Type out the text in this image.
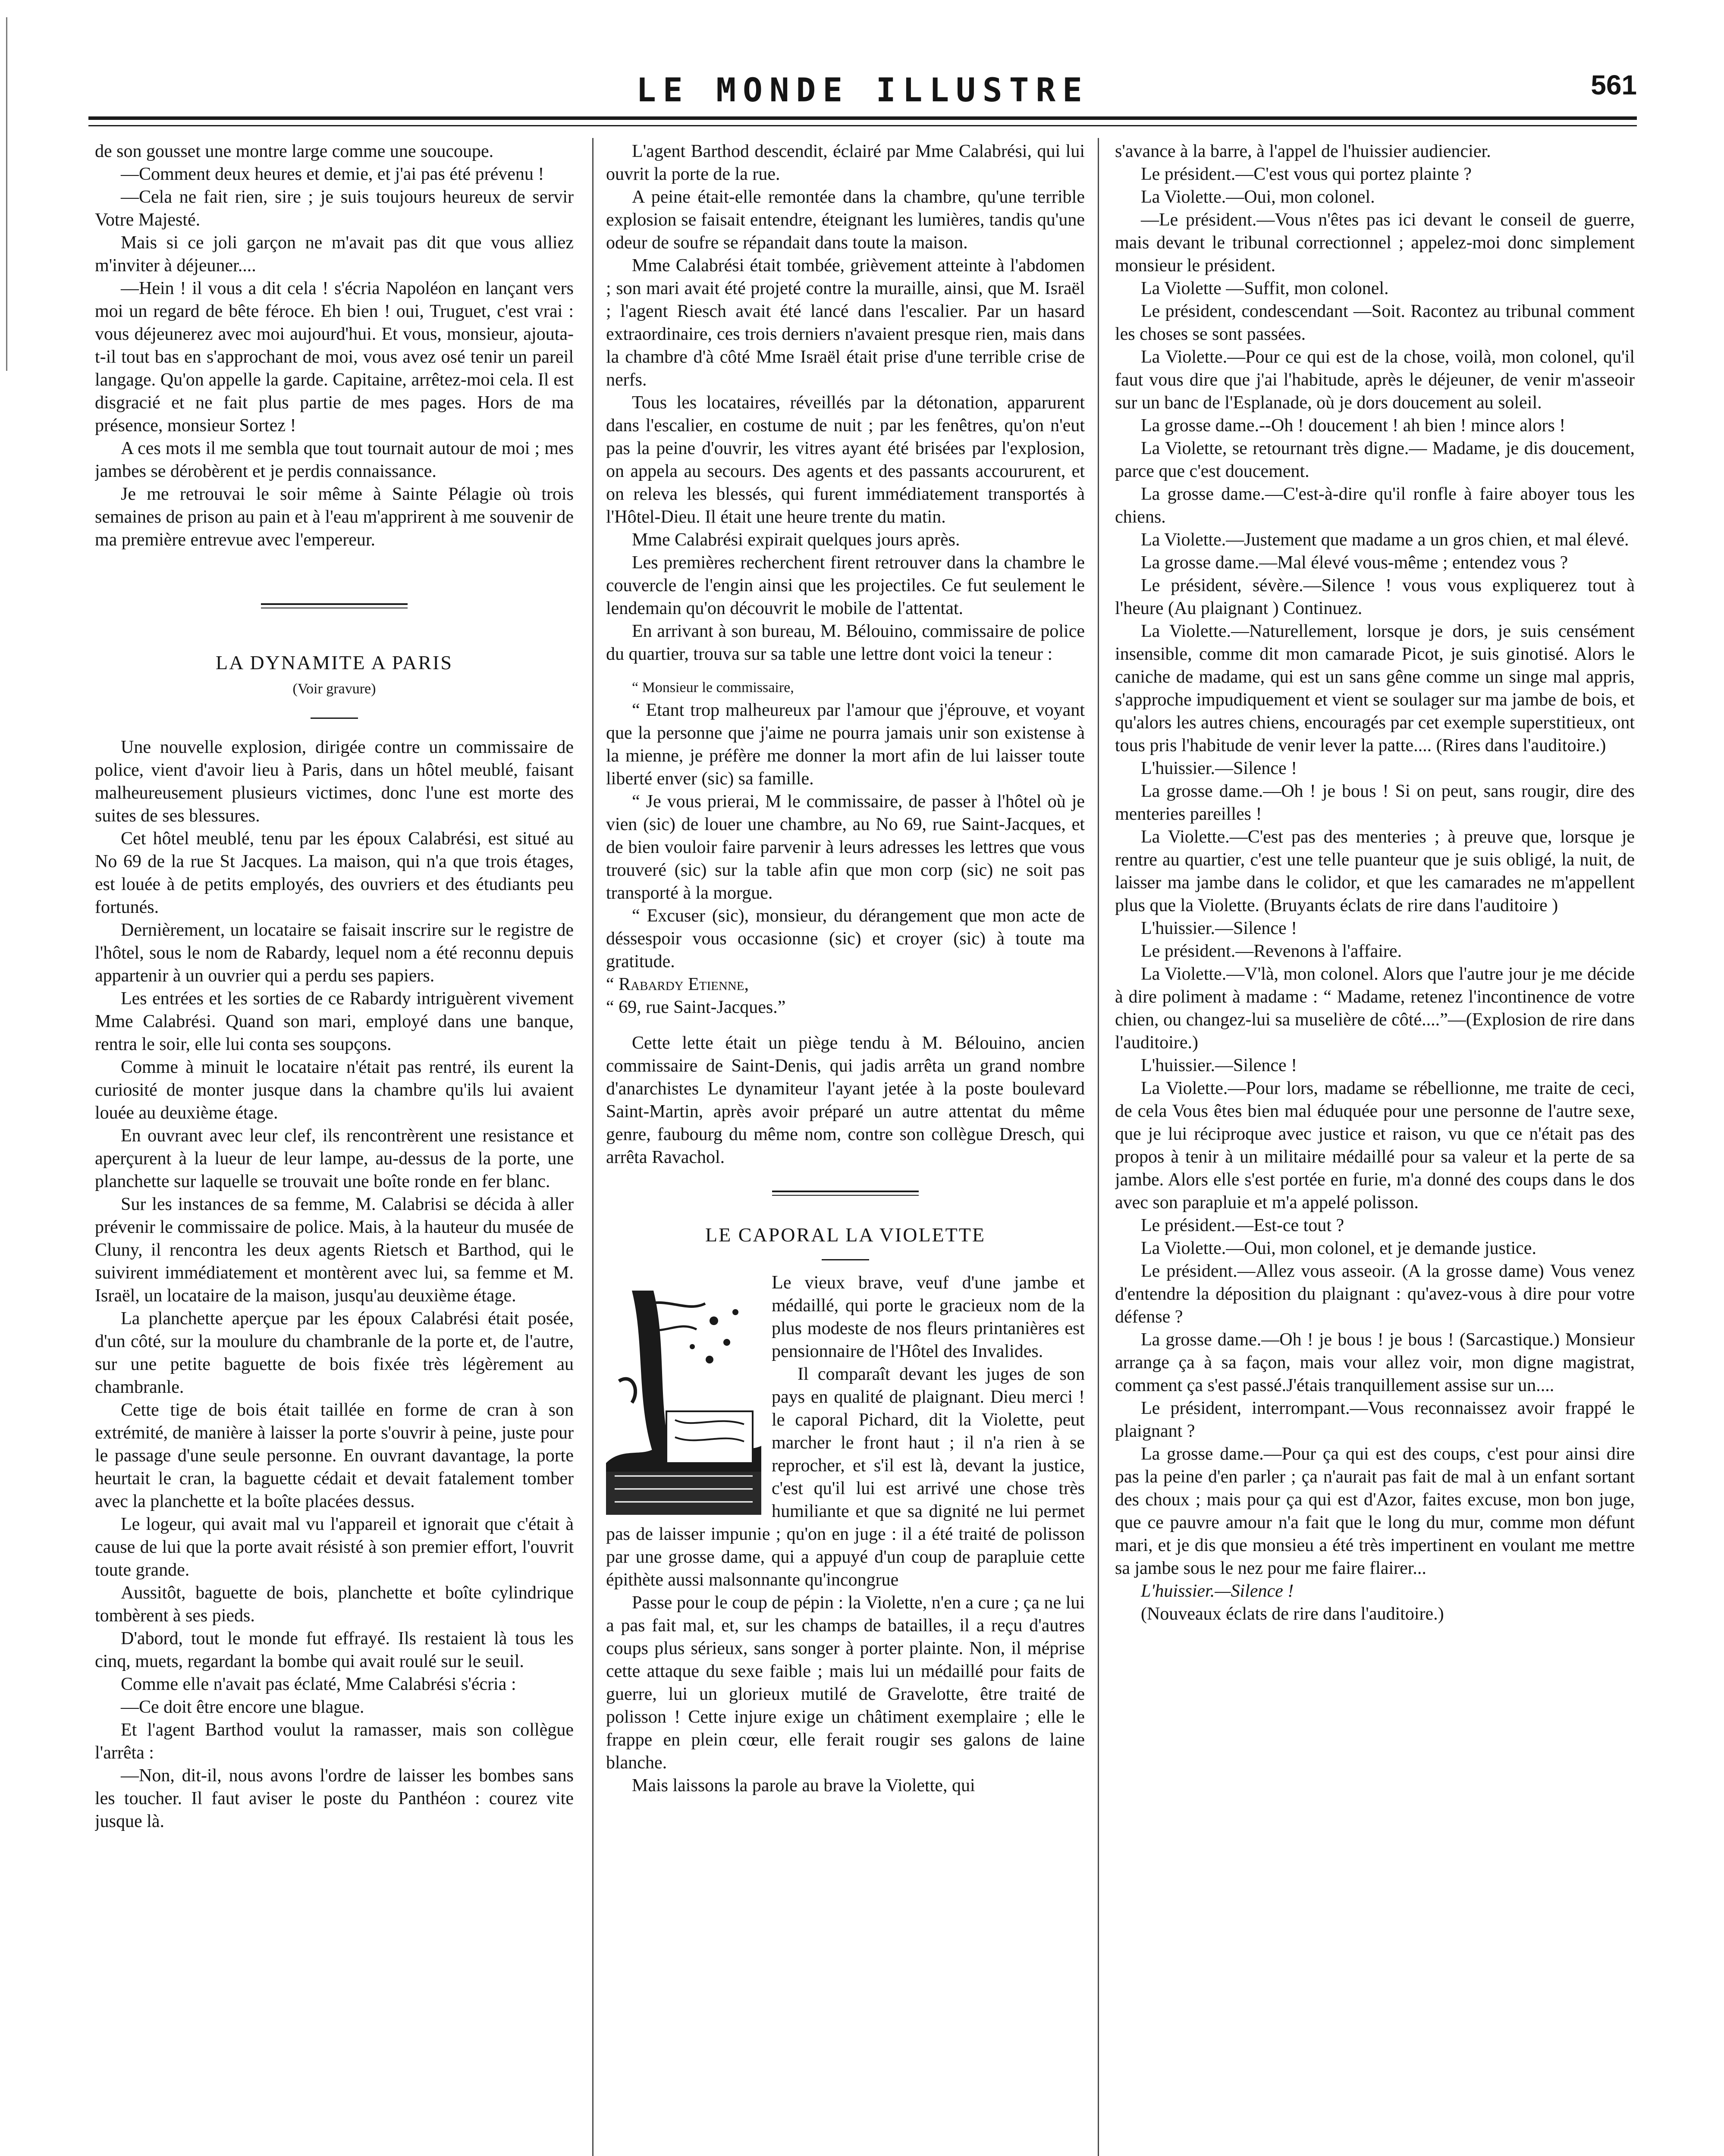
LE MONDE ILLUSTRE	561

de son gousset une montre large comme une soucoupe.

—Comment deux heures et demie, et j'ai pas été prévenu !

—Cela ne fait rien, sire ; je suis toujours heureux de servir Votre Majesté.

Mais si ce joli garçon ne m'avait pas dit que vous alliez m'inviter à déjeuner....

—Hein ! il vous a dit cela ! s'écria Napoléon en lançant vers moi un regard de bête féroce. Eh bien ! oui, Truguet, c'est vrai : vous déjeunerez avec moi aujourd'hui. Et vous, monsieur, ajouta-t-il tout bas en s'approchant de moi, vous avez osé tenir un pareil langage. Qu'on appelle la garde. Capitaine, arrêtez-moi cela. Il est disgracié et ne fait plus partie de mes pages. Hors de ma présence, monsieur Sortez !

A ces mots il me sembla que tout tournait autour de moi ; mes jambes se dérobèrent et je perdis connaissance.

Je me retrouvai le soir même à Sainte Pélagie où trois semaines de prison au pain et à l'eau m'apprirent à me souvenir de ma première entrevue avec l'empereur.

LA DYNAMITE A PARIS
(Voir gravure)

Une nouvelle explosion, dirigée contre un commissaire de police, vient d'avoir lieu à Paris, dans un hôtel meublé, faisant malheureusement plusieurs victimes, donc l'une est morte des suites de ses blessures.

Cet hôtel meublé, tenu par les époux Calabrési, est situé au No 69 de la rue St Jacques. La maison, qui n'a que trois étages, est louée à de petits employés, des ouvriers et des étudiants peu fortunés.

Dernièrement, un locataire se faisait inscrire sur le registre de l'hôtel, sous le nom de Rabardy, lequel nom a été reconnu depuis appartenir à un ouvrier qui a perdu ses papiers.

Les entrées et les sorties de ce Rabardy intriguèrent vivement Mme Calabrési. Quand son mari, employé dans une banque, rentra le soir, elle lui conta ses soupçons.

Comme à minuit le locataire n'était pas rentré, ils eurent la curiosité de monter jusque dans la chambre qu'ils lui avaient louée au deuxième étage.

En ouvrant avec leur clef, ils rencontrèrent une resistance et aperçurent à la lueur de leur lampe, au-dessus de la porte, une planchette sur laquelle se trouvait une boîte ronde en fer blanc.

Sur les instances de sa femme, M. Calabrisi se décida à aller prévenir le commissaire de police. Mais, à la hauteur du musée de Cluny, il rencontra les deux agents Rietsch et Barthod, qui le suivirent immédiatement et montèrent avec lui, sa femme et M. Israël, un locataire de la maison, jusqu'au deuxième étage.

La planchette aperçue par les époux Calabrési était posée, d'un côté, sur la moulure du chambranle de la porte et, de l'autre, sur une petite baguette de bois fixée très légèrement au chambranle.

Cette tige de bois était taillée en forme de cran à son extrémité, de manière à laisser la porte s'ouvrir à peine, juste pour le passage d'une seule personne. En ouvrant davantage, la porte heurtait le cran, la baguette cédait et devait fatalement tomber avec la planchette et la boîte placées dessus.

Le logeur, qui avait mal vu l'appareil et ignorait que c'était à cause de lui que la porte avait résisté à son premier effort, l'ouvrit toute grande.

Aussitôt, baguette de bois, planchette et boîte cylindrique tombèrent à ses pieds.

D'abord, tout le monde fut effrayé. Ils restaient là tous les cinq, muets, regardant la bombe qui avait roulé sur le seuil.

Comme elle n'avait pas éclaté, Mme Calabrési s'écria :

—Ce doit être encore une blague.

Et l'agent Barthod voulut la ramasser, mais son collègue l'arrêta :

—Non, dit-il, nous avons l'ordre de laisser les bombes sans les toucher. Il faut aviser le poste du Panthéon : courez vite jusque là.

L'agent Barthod descendit, éclairé par Mme Calabrési, qui lui ouvrit la porte de la rue.

A peine était-elle remontée dans la chambre, qu'une terrible explosion se faisait entendre, éteignant les lumières, tandis qu'une odeur de soufre se répandait dans toute la maison.

Mme Calabrési était tombée, grièvement atteinte à l'abdomen ; son mari avait été projeté contre la muraille, ainsi, que M. Israël ; l'agent Riesch avait été lancé dans l'escalier. Par un hasard extraordinaire, ces trois derniers n'avaient presque rien, mais dans la chambre d'à côté Mme Israël était prise d'une terrible crise de nerfs.

Tous les locataires, réveillés par la détonation, apparurent dans l'escalier, en costume de nuit ; par les fenêtres, qu'on n'eut pas la peine d'ouvrir, les vitres ayant été brisées par l'explosion, on appela au secours. Des agents et des passants accoururent, et on releva les blessés, qui furent immédiatement transportés à l'Hôtel-Dieu. Il était une heure trente du matin.

Mme Calabrési expirait quelques jours après.

Les premières recherchent firent retrouver dans la chambre le couvercle de l'engin ainsi que les projectiles. Ce fut seulement le lendemain qu'on découvrit le mobile de l'attentat.

En arrivant à son bureau, M. Bélouino, commissaire de police du quartier, trouva sur sa table une lettre dont voici la teneur :

“ Monsieur le commissaire,

“ Etant trop malheureux par l'amour que j'éprouve, et voyant que la personne que j'aime ne pourra jamais unir son existense à la mienne, je préfère me donner la mort afin de lui laisser toute liberté enver (sic) sa famille.

“ Je vous prierai, M le commissaire, de passer à l'hôtel où je vien (sic) de louer une chambre, au No 69, rue Saint-Jacques, et de bien vouloir faire parvenir à leurs adresses les lettres que vous trouveré (sic) sur la table afin que mon corp (sic) ne soit pas transporté à la morgue.

“ Excuser (sic), monsieur, du dérangement que mon acte de déssespoir vous occasionne (sic) et croyer (sic) à toute ma gratitude.

“ Rabardy Etienne,

“ 69, rue Saint-Jacques.”

Cette lette était un piège tendu à M. Bélouino, ancien commissaire de Saint-Denis, qui jadis arrêta un grand nombre d'anarchistes Le dynamiteur l'ayant jetée à la poste boulevard Saint-Martin, après avoir préparé un autre attentat du même genre, faubourg du même nom, contre son collègue Dresch, qui arrêta Ravachol.

LE CAPORAL LA VIOLETTE

Le vieux brave, veuf d'une jambe et médaillé, qui porte le gracieux nom de la plus modeste de nos fleurs printanières est pensionnaire de l'Hôtel des Invalides.

Il comparaît devant les juges de son pays en qualité de plaignant. Dieu merci ! le caporal Pichard, dit la Violette, peut marcher le front haut ; il n'a rien à se reprocher, et s'il est là, devant la justice, c'est qu'il lui est arrivé une chose très humiliante et que sa dignité ne lui permet pas de laisser impunie ; qu'on en juge : il a été traité de polisson par une grosse dame, qui a appuyé d'un coup de parapluie cette épithète aussi malsonnante qu'incongrue

Passe pour le coup de pépin : la Violette, n'en a cure ; ça ne lui a pas fait mal, et, sur les champs de batailles, il a reçu d'autres coups plus sérieux, sans songer à porter plainte. Non, il méprise cette attaque du sexe faible ; mais lui un médaillé pour faits de guerre, lui un glorieux mutilé de Gravelotte, être traité de polisson ! Cette injure exige un châtiment exemplaire ; elle le frappe en plein cœur, elle ferait rougir ses galons de laine blanche.

Mais laissons la parole au brave la Violette, qui

s'avance à la barre, à l'appel de l'huissier audiencier.

Le président.—C'est vous qui portez plainte ?

La Violette.—Oui, mon colonel.

—Le président.—Vous n'êtes pas ici devant le conseil de guerre, mais devant le tribunal correctionnel ; appelez-moi donc simplement monsieur le président.

La Violette —Suffit, mon colonel.

Le président, condescendant —Soit. Racontez au tribunal comment les choses se sont passées.

La Violette.—Pour ce qui est de la chose, voilà, mon colonel, qu'il faut vous dire que j'ai l'habitude, après le déjeuner, de venir m'asseoir sur un banc de l'Esplanade, où je dors doucement au soleil.

La grosse dame.--Oh ! doucement ! ah bien ! mince alors !

La Violette, se retournant très digne.— Madame, je dis doucement, parce que c'est doucement.

La grosse dame.—C'est-à-dire qu'il ronfle à faire aboyer tous les chiens.

La Violette.—Justement que madame a un gros chien, et mal élevé.

La grosse dame.—Mal élevé vous-même ; entendez vous ?

Le président, sévère.—Silence ! vous vous expliquerez tout à l'heure (Au plaignant ) Continuez.

La Violette.—Naturellement, lorsque je dors, je suis censément insensible, comme dit mon camarade Picot, je suis ginotisé. Alors le caniche de madame, qui est un sans gêne comme un singe mal appris, s'approche impudiquement et vient se soulager sur ma jambe de bois, et qu'alors les autres chiens, encouragés par cet exemple superstitieux, ont tous pris l'habitude de venir lever la patte.... (Rires dans l'auditoire.)

L'huissier.—Silence !

La grosse dame.—Oh ! je bous ! Si on peut, sans rougir, dire des menteries pareilles !

La Violette.—C'est pas des menteries ; à preuve que, lorsque je rentre au quartier, c'est une telle puanteur que je suis obligé, la nuit, de laisser ma jambe dans le colidor, et que les camarades ne m'appellent plus que la Violette. (Bruyants éclats de rire dans l'auditoire )

L'huissier.—Silence !

Le président.—Revenons à l'affaire.

La Violette.—V'là, mon colonel. Alors que l'autre jour je me décide à dire poliment à madame : “ Madame, retenez l'incontinence de votre chien, ou changez-lui sa muselière de côté....”—(Explosion de rire dans l'auditoire.)

L'huissier.—Silence !

La Violette.—Pour lors, madame se rébellionne, me traite de ceci, de cela Vous êtes bien mal éduquée pour une personne de l'autre sexe, que je lui réciproque avec justice et raison, vu que ce n'était pas des propos à tenir à un militaire médaillé pour sa valeur et la perte de sa jambe. Alors elle s'est portée en furie, m'a donné des coups dans le dos avec son parapluie et m'a appelé polisson.

Le président.—Est-ce tout ?

La Violette.—Oui, mon colonel, et je demande justice.

Le président.—Allez vous asseoir. (A la grosse dame) Vous venez d'entendre la déposition du plaignant : qu'avez-vous à dire pour votre défense ?

La grosse dame.—Oh ! je bous ! je bous ! (Sarcastique.) Monsieur arrange ça à sa façon, mais vour allez voir, mon digne magistrat, comment ça s'est passé.J'étais tranquillement assise sur un....

Le président, interrompant.—Vous reconnaissez avoir frappé le plaignant ?

La grosse dame.—Pour ça qui est des coups, c'est pour ainsi dire pas la peine d'en parler ; ça n'aurait pas fait de mal à un enfant sortant des choux ; mais pour ça qui est d'Azor, faites excuse, mon bon juge, que ce pauvre amour n'a fait que le long du mur, comme mon défunt mari, et je dis que monsieu a été très impertinent en voulant me mettre sa jambe sous le nez pour me faire flairer...

L'huissier.—Silence !

(Nouveaux éclats de rire dans l'auditoire.)
